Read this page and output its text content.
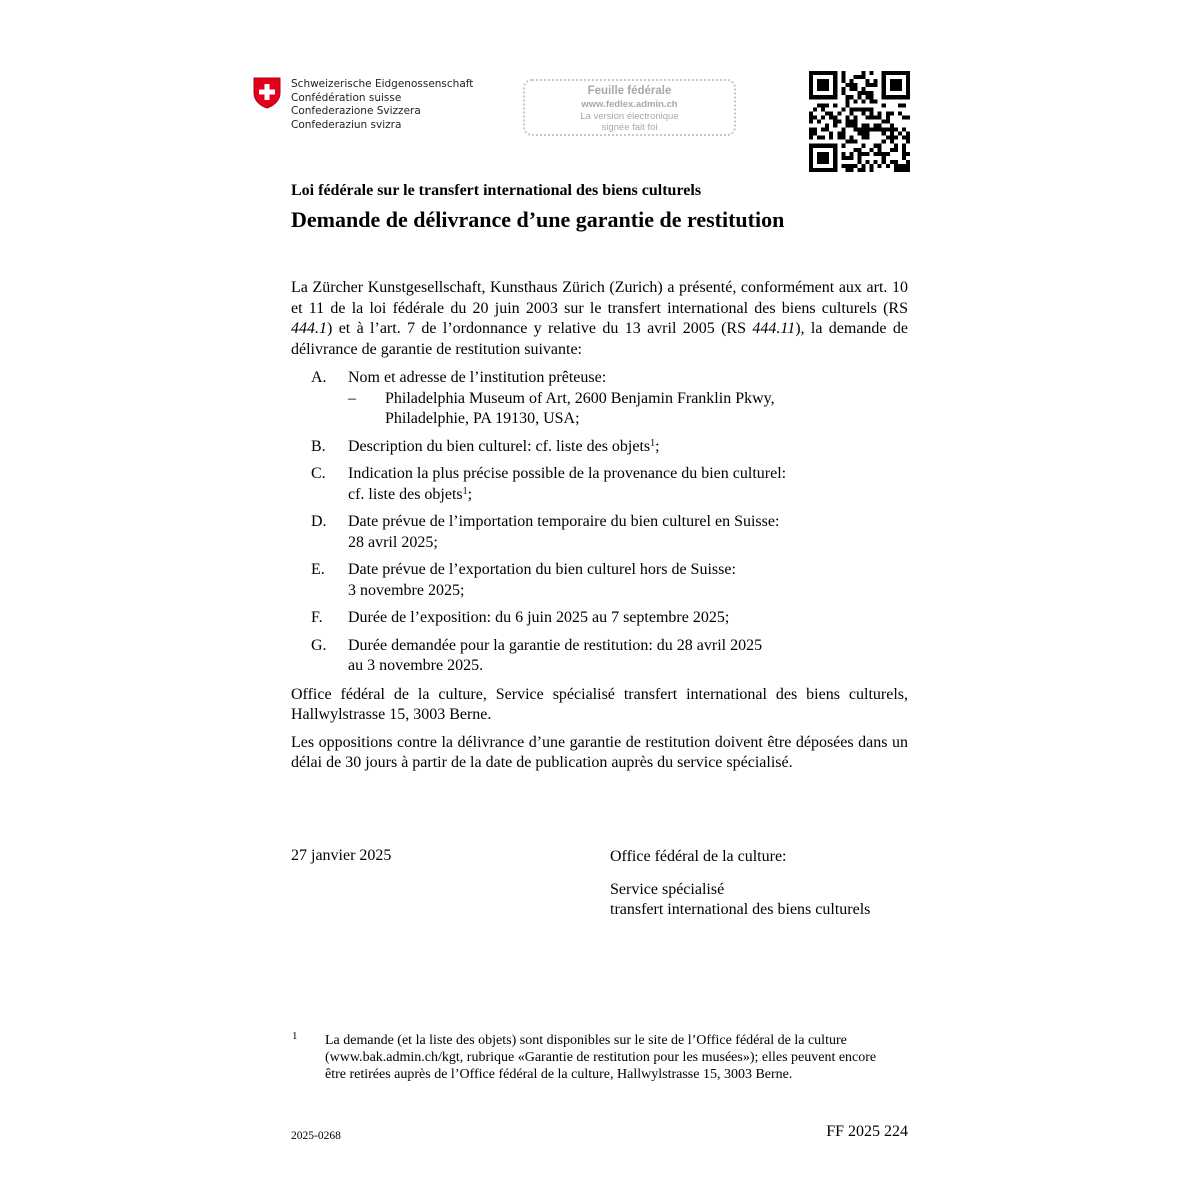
Schweizerische Eidgenossenschaft
Confédération suisse
Confederazione Svizzera
Confederaziun svizra
Feuille fédérale
www.fedlex.admin.ch
La version électronique
signée fait foi
Loi fédérale sur le transfert international des biens culturels
Demande de délivrance d’une garantie de restitution

La Zürcher Kunstgesellschaft, Kunsthaus Zürich (Zurich) a présenté, conformément aux art. 10 et 11 de la loi fédérale du 20 juin 2003 sur le transfert international des biens culturels (RS 444.1) et à l’art. 7 de l’ordonnance y relative du 13 avril 2005 (RS 444.11), la demande de délivrance de garantie de restitution suivante:

A.	Nom et adresse de l’institution prêteuse:
–	Philadelphia Museum of Art, 2600 Benjamin Franklin Pkwy,
Philadelphie, PA 19130, USA;
B.	Description du bien culturel: cf. liste des objets$^1$;
C.	Indication la plus précise possible de la provenance du bien culturel:
cf. liste des objets$^1$;
D.	Date prévue de l’importation temporaire du bien culturel en Suisse:
28 avril 2025;
E.	Date prévue de l’exportation du bien culturel hors de Suisse:
3 novembre 2025;
F.	Durée de l’exposition: du 6 juin 2025 au 7 septembre 2025;
G.	Durée demandée pour la garantie de restitution: du 28 avril 2025
au 3 novembre 2025.

Office fédéral de la culture, Service spécialisé transfert international des biens culturels, Hallwylstrasse 15, 3003 Berne.

Les oppositions contre la délivrance d’une garantie de restitution doivent être déposées dans un délai de 30 jours à partir de la date de publication auprès du service spécialisé.

27 janvier 2025	Office fédéral de la culture:
Service spécialisé
transfert international des biens culturels
1 La demande (et la liste des objets) sont disponibles sur le site de l’Office fédéral de la culture (www.bak.admin.ch/kgt, rubrique «Garantie de restitution pour les musées»); elles peuvent encore être retirées auprès de l’Office fédéral de la culture, Hallwylstrasse 15, 3003 Berne.
2025-0268	FF 2025 224
